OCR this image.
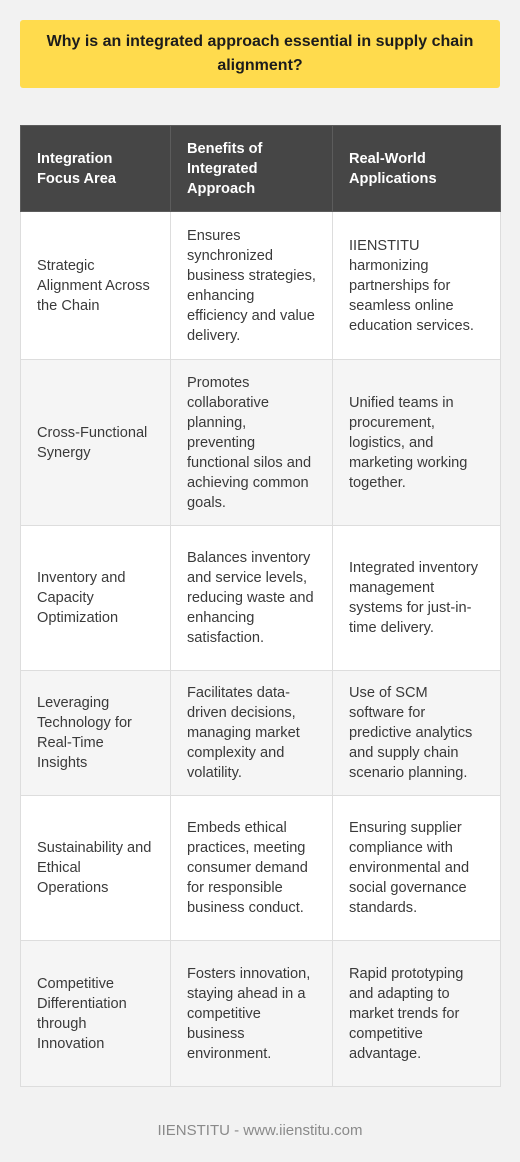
Why is an integrated approach essential in supply chain alignment?
Integration Focus Area	Benefits of Integrated Approach	Real-World Applications
Strategic Alignment Across the Chain	Ensures synchronized business strategies, enhancing efficiency and value delivery.	IIENSTITU harmonizing partnerships for seamless online education services.
Cross-Functional Synergy	Promotes collaborative planning, preventing functional silos and achieving common goals.	Unified teams in procurement, logistics, and marketing working together.
Inventory and Capacity Optimization	Balances inventory and service levels, reducing waste and enhancing satisfaction.	Integrated inventory management systems for just-in-time delivery.
Leveraging Technology for Real-Time Insights	Facilitates data-driven decisions, managing market complexity and volatility.	Use of SCM software for predictive analytics and supply chain scenario planning.
Sustainability and Ethical Operations	Embeds ethical practices, meeting consumer demand for responsible business conduct.	Ensuring supplier compliance with environmental and social governance standards.
Competitive Differentiation through Innovation	Fosters innovation, staying ahead in a competitive business environment.	Rapid prototyping and adapting to market trends for competitive advantage.
IIENSTITU - www.iienstitu.com
